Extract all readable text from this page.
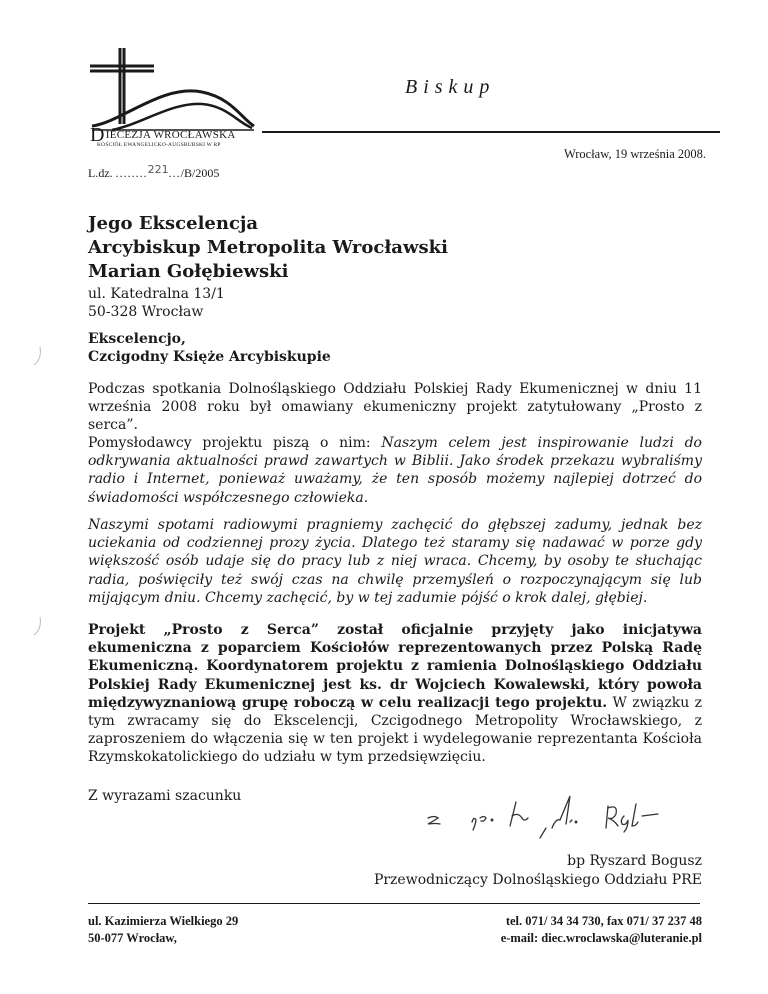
DIECEZJA WROCŁAWSKA
KOŚCIÓŁ EWANGELICKO-AUGSBURSKI W RP
Biskup
Wrocław, 19 września 2008.
L.dz. ........221.../B/2005
Jego Ekscelencja
Arcybiskup Metropolita Wrocławski
Marian Gołębiewski
ul. Katedralna 13/1
50-328 Wrocław
Ekscelencjo,
Czcigodny Księże Arcybiskupie
Podczas spotkania Dolnośląskiego Oddziału Polskiej Rady Ekumenicznej w dniu 11 września 2008 roku był omawiany ekumeniczny projekt zatytułowany „Prosto z serca”.
Pomysłodawcy projektu piszą o nim: Naszym celem jest inspirowanie ludzi do odkrywania aktualności prawd zawartych w Biblii. Jako środek przekazu wybraliśmy radio i Internet, ponieważ uważamy, że ten sposób możemy najlepiej dotrzeć do świadomości współczesnego człowieka.
Naszymi spotami radiowymi pragniemy zachęcić do głębszej zadumy, jednak bez uciekania od codziennej prozy życia. Dlatego też staramy się nadawać w porze gdy większość osób udaje się do pracy lub z niej wraca. Chcemy, by osoby te słuchając radia, poświęciły też swój czas na chwilę przemyśleń o rozpoczynającym się lub mijającym dniu. Chcemy zachęcić, by w tej zadumie pójść o krok dalej, głębiej.
Projekt „Prosto z Serca” został oficjalnie przyjęty jako inicjatywa ekumeniczna z poparciem Kościołów reprezentowanych przez Polską Radę Ekumeniczną. Koordynatorem projektu z ramienia Dolnośląskiego Oddziału Polskiej Rady Ekumenicznej jest ks. dr Wojciech Kowalewski, który powoła międzywyznaniową grupę roboczą w celu realizacji tego projektu. W związku z tym zwracamy się do Ekscelencji, Czcigodnego Metropolity Wrocławskiego, z zaproszeniem do włączenia się w ten projekt i wydelegowanie reprezentanta Kościoła Rzymskokatolickiego do udziału w tym przedsięwzięciu.
Z wyrazami szacunku
bp Ryszard Bogusz
Przewodniczący Dolnośląskiego Oddziału PRE
ul. Kazimierza Wielkiego 29
50-077 Wrocław,
tel. 071/ 34 34 730, fax 071/ 37 237 48
e-mail: diec.wroclawska@luteranie.pl
